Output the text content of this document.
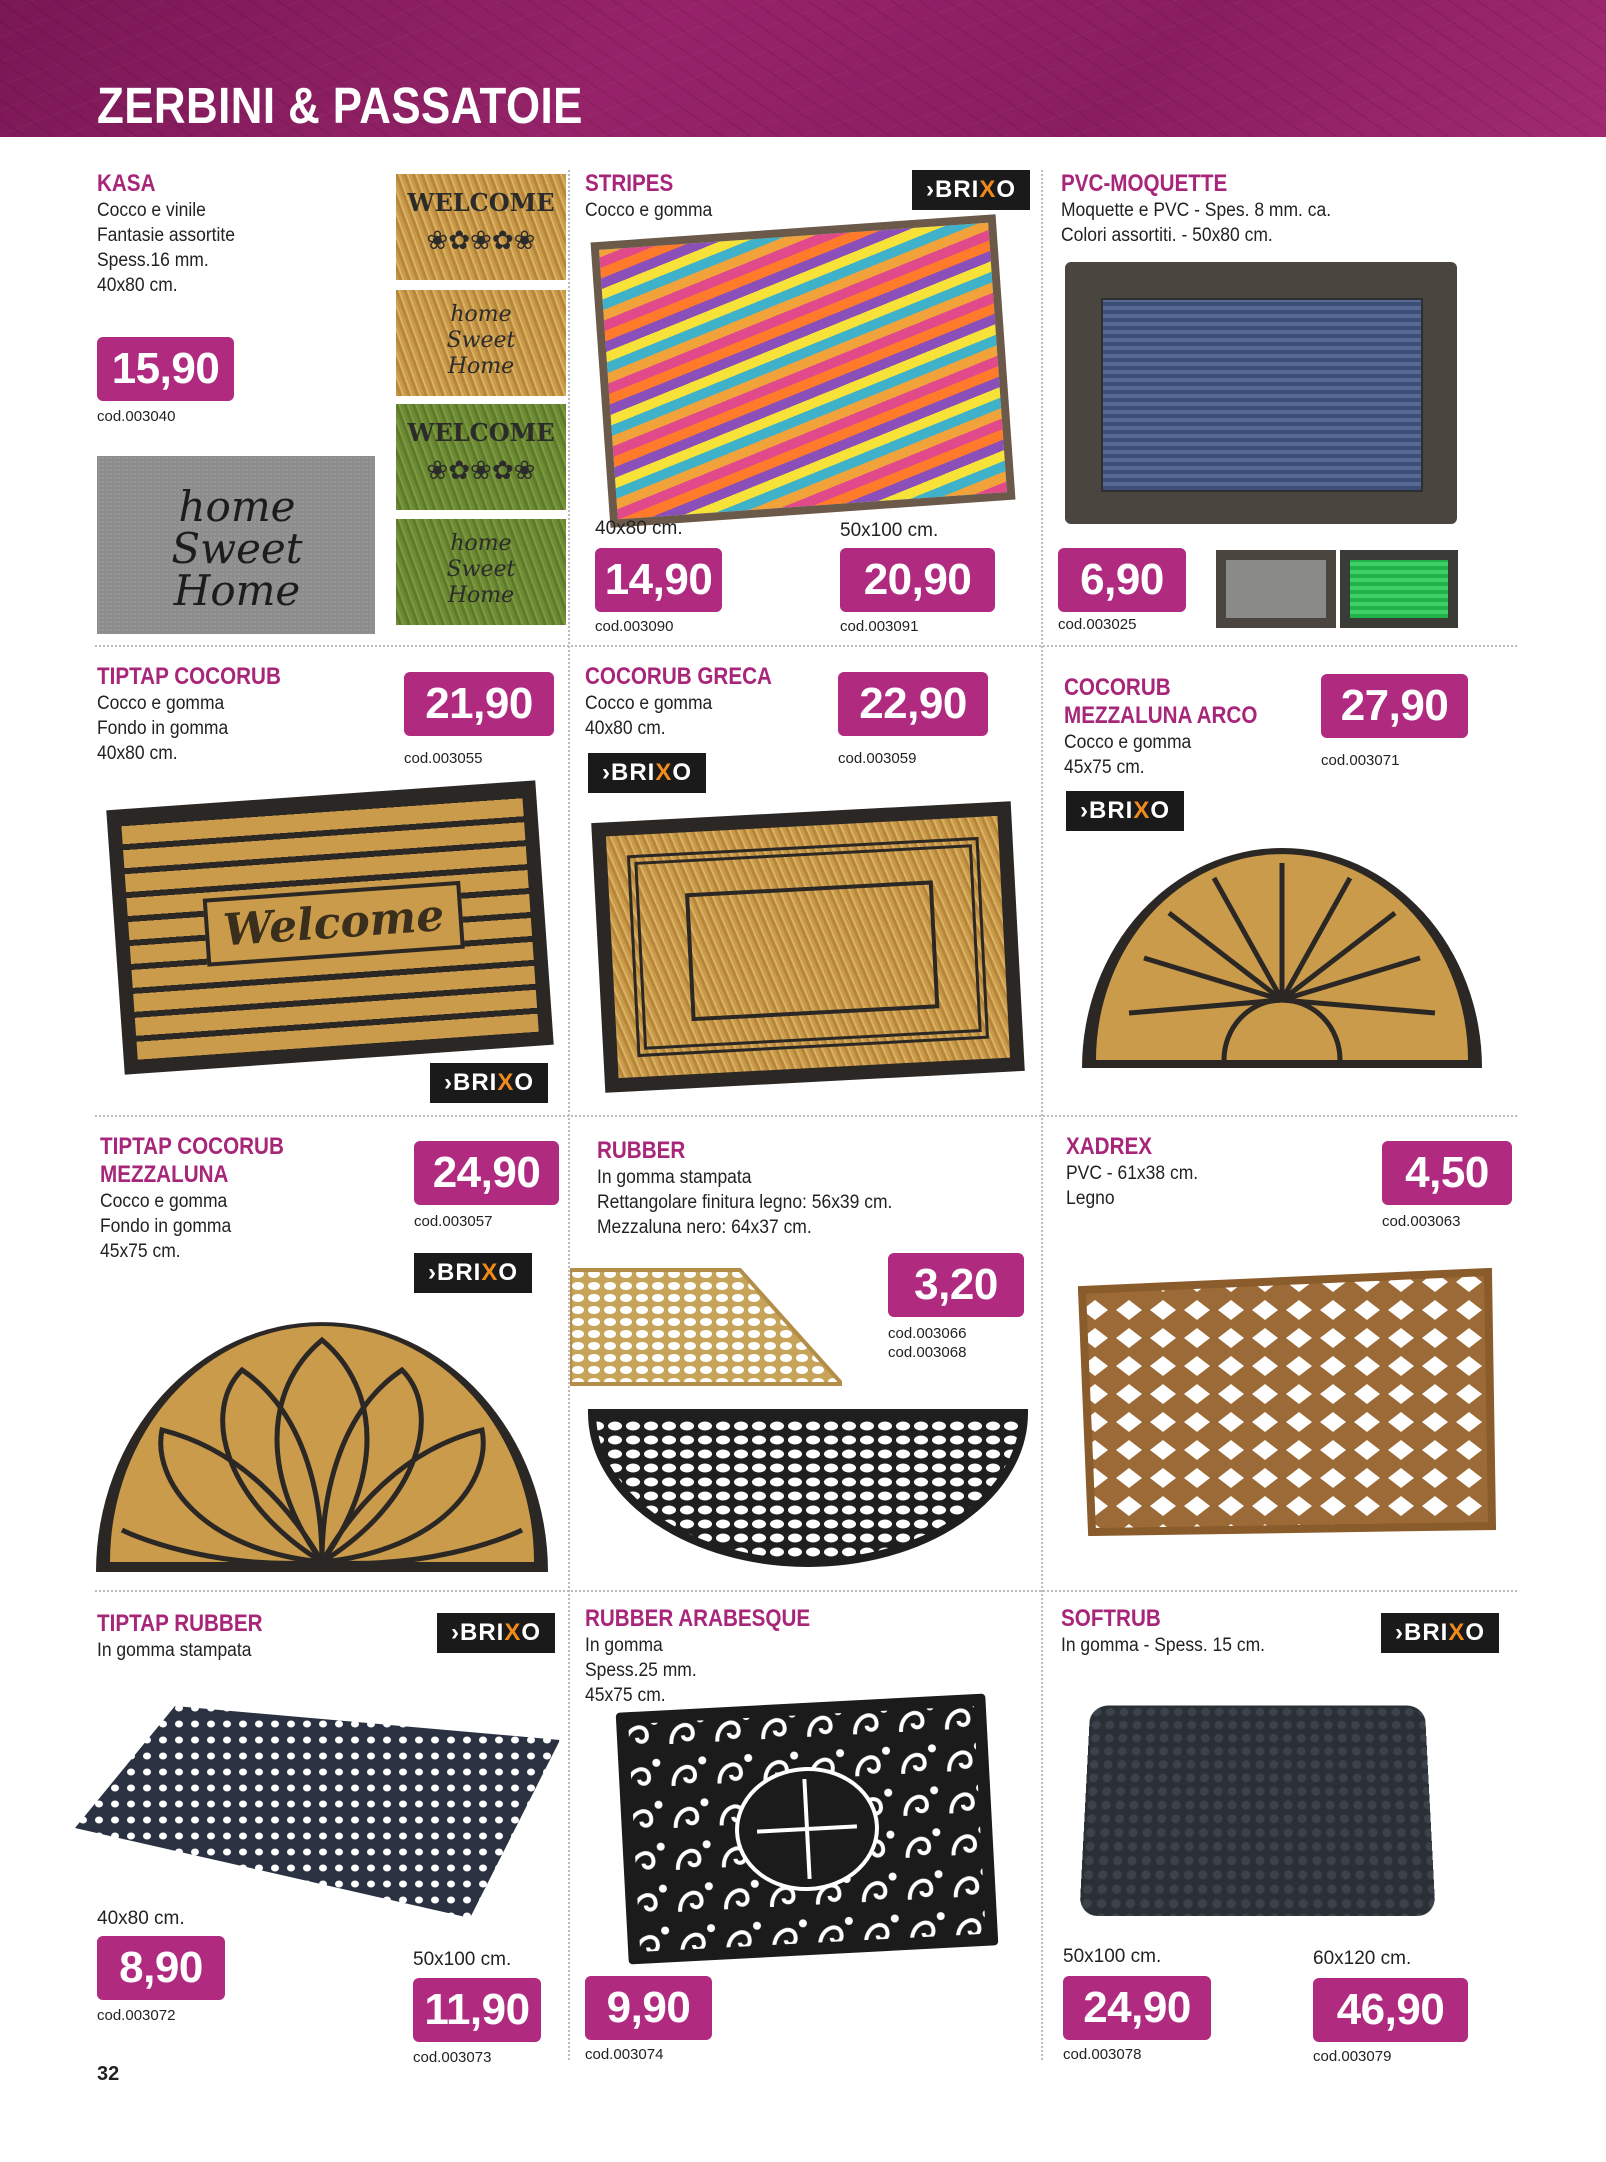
ZERBINI & PASSATOIE
KASA
Cocco e vinile
Fantasie assortite
Spess.16 mm.
40x80 cm.
15,90
cod.003040
home
Sweet
Home
WELCOME
❀✿❀✿❀
home Sweet Home
WELCOME
❀✿❀✿❀
home Sweet Home
STRIPES
Cocco e gomma
›BRIXO
40x80 cm.
14,90
cod.003090
50x100 cm.
20,90
cod.003091
PVC-MOQUETTE
Moquette e PVC - Spes. 8 mm. ca.
Colori assortiti. - 50x80 cm.
6,90
cod.003025
TIPTAP COCORUB
Cocco e gomma
Fondo in gomma
40x80 cm.
21,90
cod.003055
Welcome
›BRIXO
COCORUB GRECA
Cocco e gomma
40x80 cm.
›BRIXO
22,90
cod.003059
COCORUB
MEZZALUNA ARCO
Cocco e gomma
45x75 cm.
27,90
cod.003071
›BRIXO
TIPTAP COCORUB
MEZZALUNA
Cocco e gomma
Fondo in gomma
45x75 cm.
24,90
cod.003057
›BRIXO
RUBBER
In gomma stampata
Rettangolare finitura legno: 56x39 cm.
Mezzaluna nero: 64x37 cm.
3,20
cod.003066
cod.003068
XADREX
PVC - 61x38 cm.
Legno
4,50
cod.003063
TIPTAP RUBBER
In gomma stampata
›BRIXO
40x80 cm.
8,90
cod.003072
50x100 cm.
11,90
cod.003073
RUBBER ARABESQUE
In gomma
Spess.25 mm.
45x75 cm.
9,90
cod.003074
SOFTRUB
In gomma - Spess. 15 cm.	›BRIXO
50x100 cm.
24,90
cod.003078
60x120 cm.
46,90
cod.003079
32
